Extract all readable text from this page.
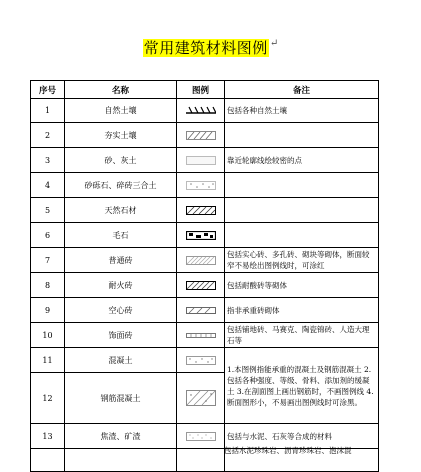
常用建筑材料图例 ↵
序号	名称	图例	备注
1	自然土壤		包括各种自然土壤
2	夯实土壤	

3	砂、灰土		靠近轮廓线绘较密的点
4	砂砾石、碎砖三合土	

5	天然石材	

6	毛石	

7	普通砖		包括实心砖、多孔砖、砌块等砌体，断面较窄不易绘出图例线时，可涂红
8	耐火砖		包括耐酸砖等砌体
9	空心砖		指非承重砖砌体
10	饰面砖		包括铺地砖、马赛克、陶瓷锦砖、人造大理石等
11	混凝土		1.本图例指能承重的混凝土及钢筋混凝土 2.包括各种强度、等级、骨料、添加剂的缓凝土 3.在剖面图上画出钢筋时，不画图例线 4.断面图形小，不易画出图例线时可涂黑。
12	钢筋混凝土	

13	焦渣、矿渣		包括与水泥、石灰等合成的材料

包括水泥珍珠岩、沥青珍珠岩、泡沫混
